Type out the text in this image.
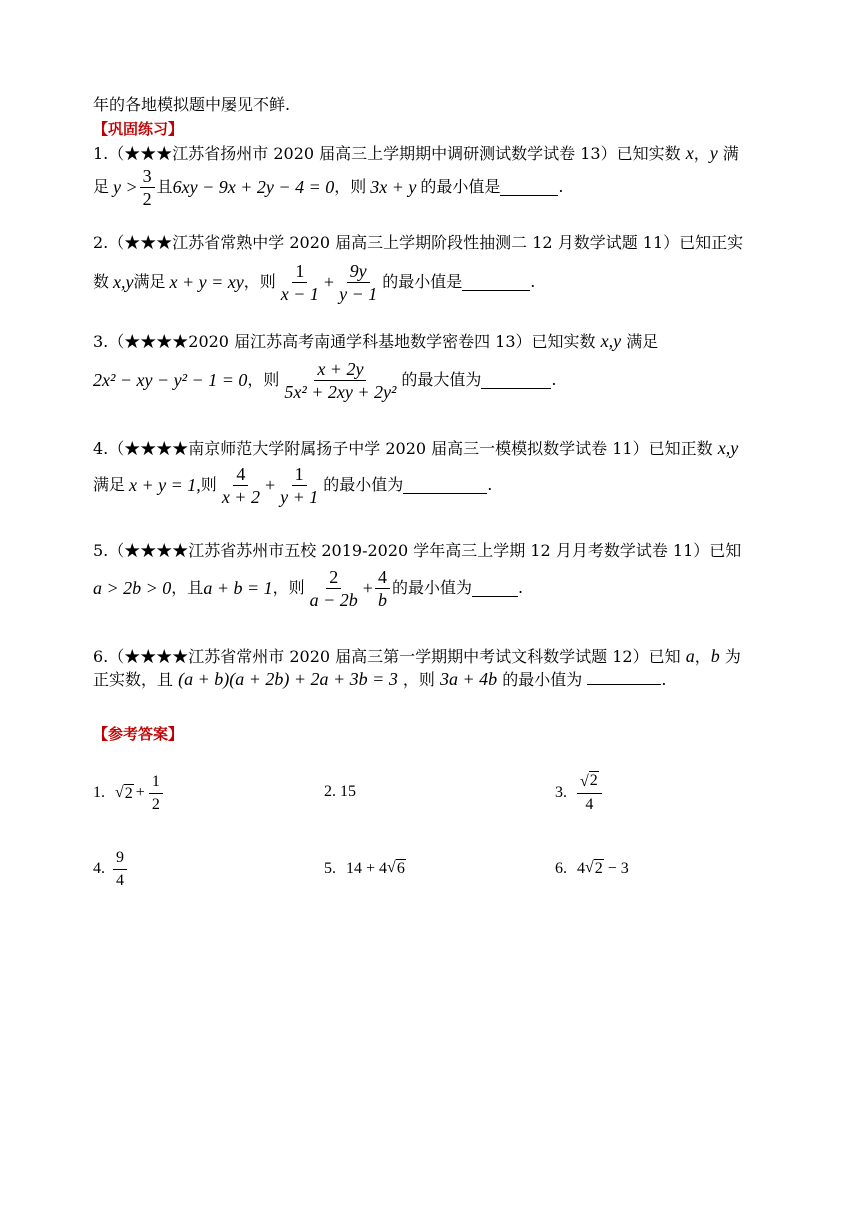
年的各地模拟题中屡见不鲜.
【巩固练习】
1.（★★★江苏省扬州市 2020 届高三上学期期中调研测试数学试卷 13）已知实数 x，y 满
足 $y > \frac{3}{2}$ 且 6xy − 9x + 2y − 4 = 0 ，则 3x + y 的最小值是	.
2.（★★★江苏省常熟中学 2020 届高三上学期阶段性抽测二 12 月数学试题 11）已知正实
数 x,y 满足 x + y = xy ，则 $\frac{1}{x - 1} + \frac{9y}{y - 1}$ 的最小值是	.
3.（★★★★2020 届江苏高考南通学科基地数学密卷四 13）已知实数 x,y 满足
2x² − xy − y² − 1 = 0 ，则 $\frac{x + 2y}{\text{5x² + 2xy + 2y²}}$ 的最大值为	.
4.（★★★★南京师范大学附属扬子中学 2020 届高三一模模拟数学试卷 11）已知正数 x,y
满足 x + y = 1, 则 $\frac{4}{x + 2} + \frac{1}{y + 1}$ 的最小值为	.
5.（★★★★江苏省苏州市五校 2019-2020 学年高三上学期 12 月月考数学试卷 11）已知
a > 2b > 0 ，且 a + b = 1 ，则 $\frac{2}{a - 2b} + \frac{4}{b}$ 的最小值为	.
6.（★★★★江苏省常州市 2020 届高三第一学期期中考试文科数学试题 12）已知 a，b 为
正实数，且 (a + b)(a + 2b) + 2a + 3b = 3 ，则 3a + 4b 的最小值为	.
【参考答案】
1. √ $2 + \frac{1}{2}$	2. 15	3. $\frac{√ 2}{4}$
4. $\frac{9}{4}$	5. 14 + 4 √ 6	6. 4 √ 2 − 3
